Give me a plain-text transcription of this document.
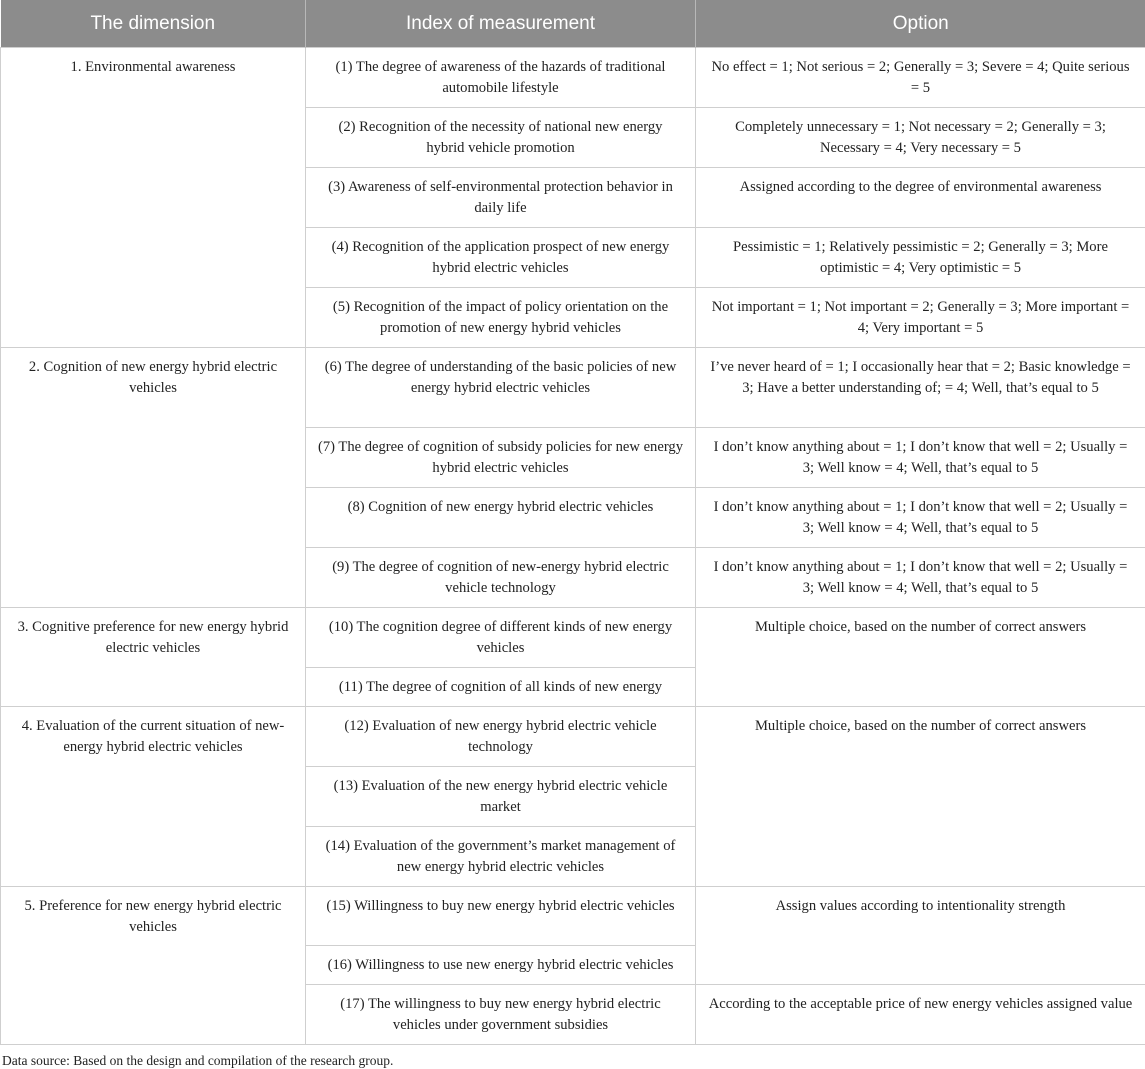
The dimension	Index of measurement	Option
1. Environmental awareness	(1) The degree of awareness of the hazards of traditional automobile lifestyle	No effect = 1; Not serious = 2; Generally = 3; Severe = 4; Quite serious = 5
	(2) Recognition of the necessity of national new energy hybrid vehicle promotion	Completely unnecessary = 1; Not necessary = 2; Generally = 3; Necessary = 4; Very necessary = 5
	(3) Awareness of self-environmental protection behavior in daily life	Assigned according to the degree of environmental awareness
	(4) Recognition of the application prospect of new energy hybrid electric vehicles	Pessimistic = 1; Relatively pessimistic = 2; Generally = 3; More optimistic = 4; Very optimistic = 5
	(5) Recognition of the impact of policy orientation on the promotion of new energy hybrid vehicles	Not important = 1; Not important = 2; Generally = 3; More important = 4; Very important = 5
2. Cognition of new energy hybrid electric vehicles	(6) The degree of understanding of the basic policies of new energy hybrid electric vehicles	I’ve never heard of = 1; I occasionally hear that = 2; Basic knowledge = 3; Have a better understanding of; = 4; Well, that’s equal to 5
	(7) The degree of cognition of subsidy policies for new energy hybrid electric vehicles	I don’t know anything about = 1; I don’t know that well = 2; Usually = 3; Well know = 4; Well, that’s equal to 5
	(8) Cognition of new energy hybrid electric vehicles	I don’t know anything about = 1; I don’t know that well = 2; Usually = 3; Well know = 4; Well, that’s equal to 5
	(9) The degree of cognition of new-energy hybrid electric vehicle technology	I don’t know anything about = 1; I don’t know that well = 2; Usually = 3; Well know = 4; Well, that’s equal to 5
3. Cognitive preference for new energy hybrid electric vehicles	(10) The cognition degree of different kinds of new energy vehicles	Multiple choice, based on the number of correct answers
	(11) The degree of cognition of all kinds of new energy	
4. Evaluation of the current situation of new-energy hybrid electric vehicles	(12) Evaluation of new energy hybrid electric vehicle technology	Multiple choice, based on the number of correct answers
	(13) Evaluation of the new energy hybrid electric vehicle market	
	(14) Evaluation of the government’s market management of new energy hybrid electric vehicles	
5. Preference for new energy hybrid electric vehicles	(15) Willingness to buy new energy hybrid electric vehicles	Assign values according to intentionality strength
	(16) Willingness to use new energy hybrid electric vehicles	
	(17) The willingness to buy new energy hybrid electric vehicles under government subsidies	According to the acceptable price of new energy vehicles assigned value
Data source: Based on the design and compilation of the research group.
